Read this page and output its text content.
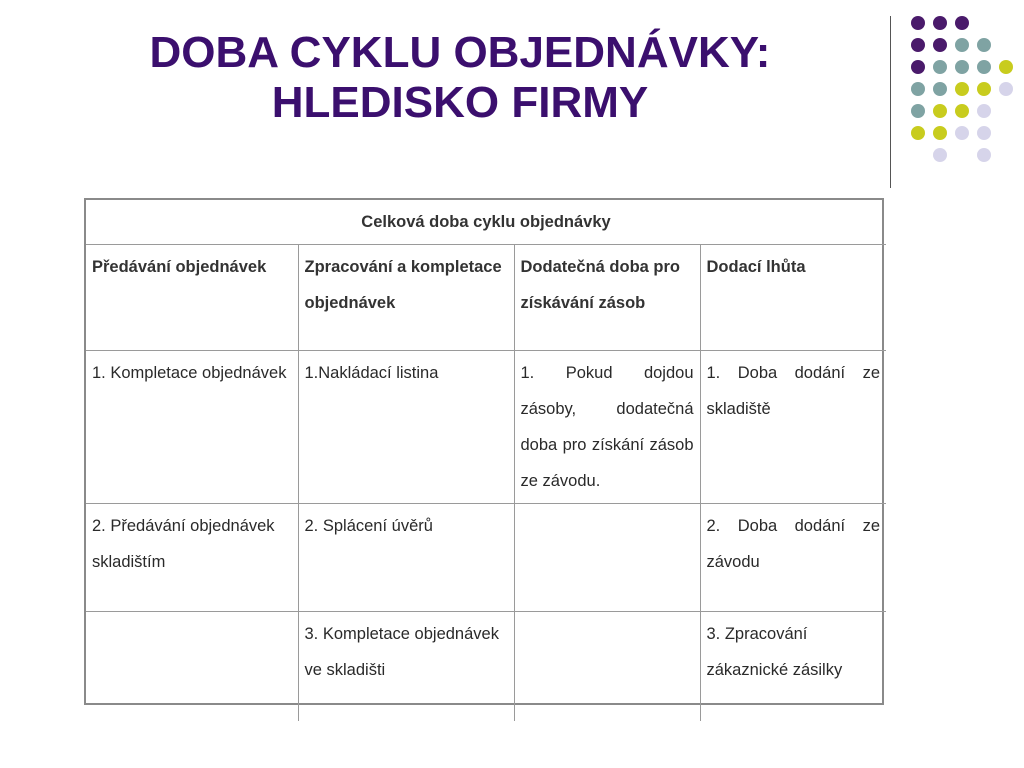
DOBA CYKLU OBJEDNÁVKY:
HLEDISKO FIRMY
Celková doba cyklu objednávky			
Předávání objednávek	Zpracování a kompletace objednávek	Dodatečná doba pro získávání zásob	Dodací lhůta
1. Kompletace objednávek	1.Nakládací listina	1. Pokud dojdou zásoby, dodatečná doba pro získání zásob ze závodu.	1. Doba dodání ze skladiště
2. Předávání objednávek skladištím	2. Splácení úvěrů		2. Doba dodání ze závodu
	3. Kompletace objednávek ve skladišti		3. Zpracování zákaznické zásilky
